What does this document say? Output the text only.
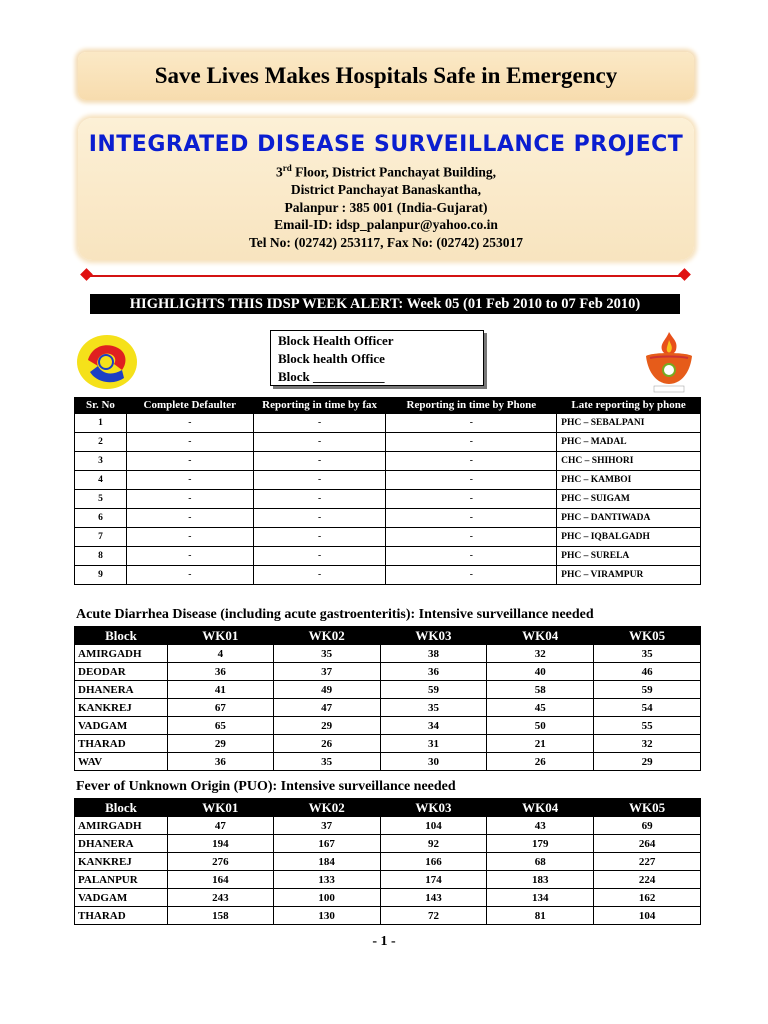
Save Lives Makes Hospitals Safe in Emergency
INTEGRATED DISEASE SURVEILLANCE PROJECT
3rd Floor, District Panchayat Building,
District Panchayat Banaskantha,
Palanpur : 385 001 (India-Gujarat)
Email-ID: idsp_palanpur@yahoo.co.in
Tel No: (02742) 253117, Fax No: (02742) 253017
HIGHLIGHTS THIS IDSP WEEK ALERT: Week 05 (01 Feb 2010 to 07 Feb 2010)
Block Health Officer
Block health Office
Block ___________
Sr. No	Complete Defaulter	Reporting in time by fax	Reporting in time by Phone	Late reporting by phone
1	-	-	-	PHC – SEBALPANI
2	-	-	-	PHC – MADAL
3	-	-	-	CHC – SHIHORI
4	-	-	-	PHC – KAMBOI
5	-	-	-	PHC – SUIGAM
6	-	-	-	PHC – DANTIWADA
7	-	-	-	PHC – IQBALGADH
8	-	-	-	PHC – SURELA
9	-	-	-	PHC – VIRAMPUR
Acute Diarrhea Disease (including acute gastroenteritis): Intensive surveillance needed
Block	WK01	WK02	WK03	WK04	WK05
AMIRGADH	4	35	38	32	35
DEODAR	36	37	36	40	46
DHANERA	41	49	59	58	59
KANKREJ	67	47	35	45	54
VADGAM	65	29	34	50	55
THARAD	29	26	31	21	32
WAV	36	35	30	26	29
Fever of Unknown Origin (PUO): Intensive surveillance needed
Block	WK01	WK02	WK03	WK04	WK05
AMIRGADH	47	37	104	43	69
DHANERA	194	167	92	179	264
KANKREJ	276	184	166	68	227
PALANPUR	164	133	174	183	224
VADGAM	243	100	143	134	162
THARAD	158	130	72	81	104
- 1 -
